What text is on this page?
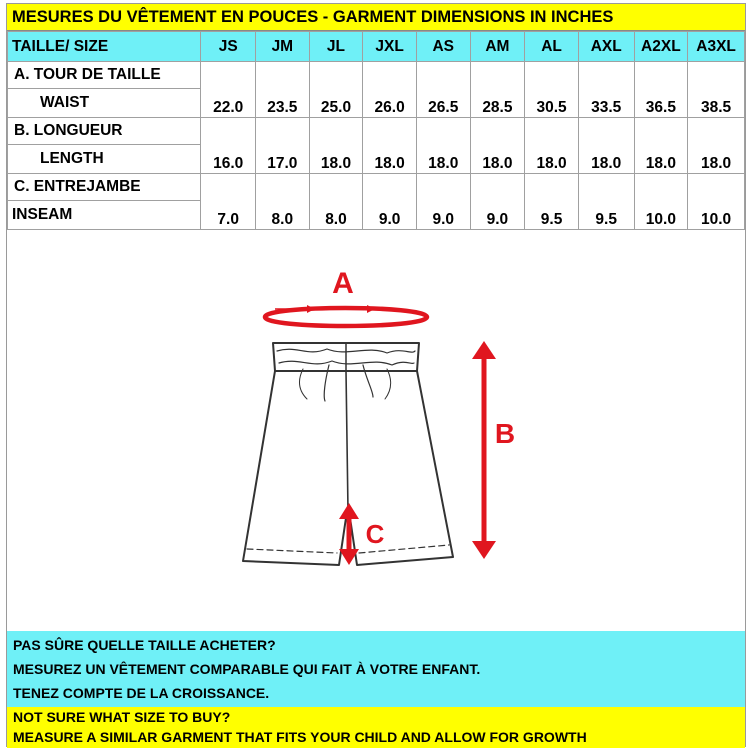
MESURES DU VÊTEMENT EN POUCES - GARMENT DIMENSIONS IN INCHES
TAILLE/ SIZE	JS	JM	JL	JXL	AS	AM	AL	AXL	A2XL	A3XL
A. TOUR DE TAILLE	22.0	23.5	25.0	26.0	26.5	28.5	30.5	33.5	36.5	38.5
WAIST										
B. LONGUEUR	16.0	17.0	18.0	18.0	18.0	18.0	18.0	18.0	18.0	18.0
LENGTH										
C. ENTREJAMBE	7.0	8.0	8.0	9.0	9.0	9.0	9.5	9.5	10.0	10.0
INSEAM										
A
B
C
PAS SÛRE QUELLE TAILLE ACHETER?
MESUREZ UN VÊTEMENT COMPARABLE QUI FAIT À VOTRE ENFANT.
TENEZ COMPTE DE LA CROISSANCE.
NOT SURE WHAT SIZE TO BUY?
MEASURE A SIMILAR GARMENT THAT FITS YOUR CHILD AND ALLOW FOR GROWTH
